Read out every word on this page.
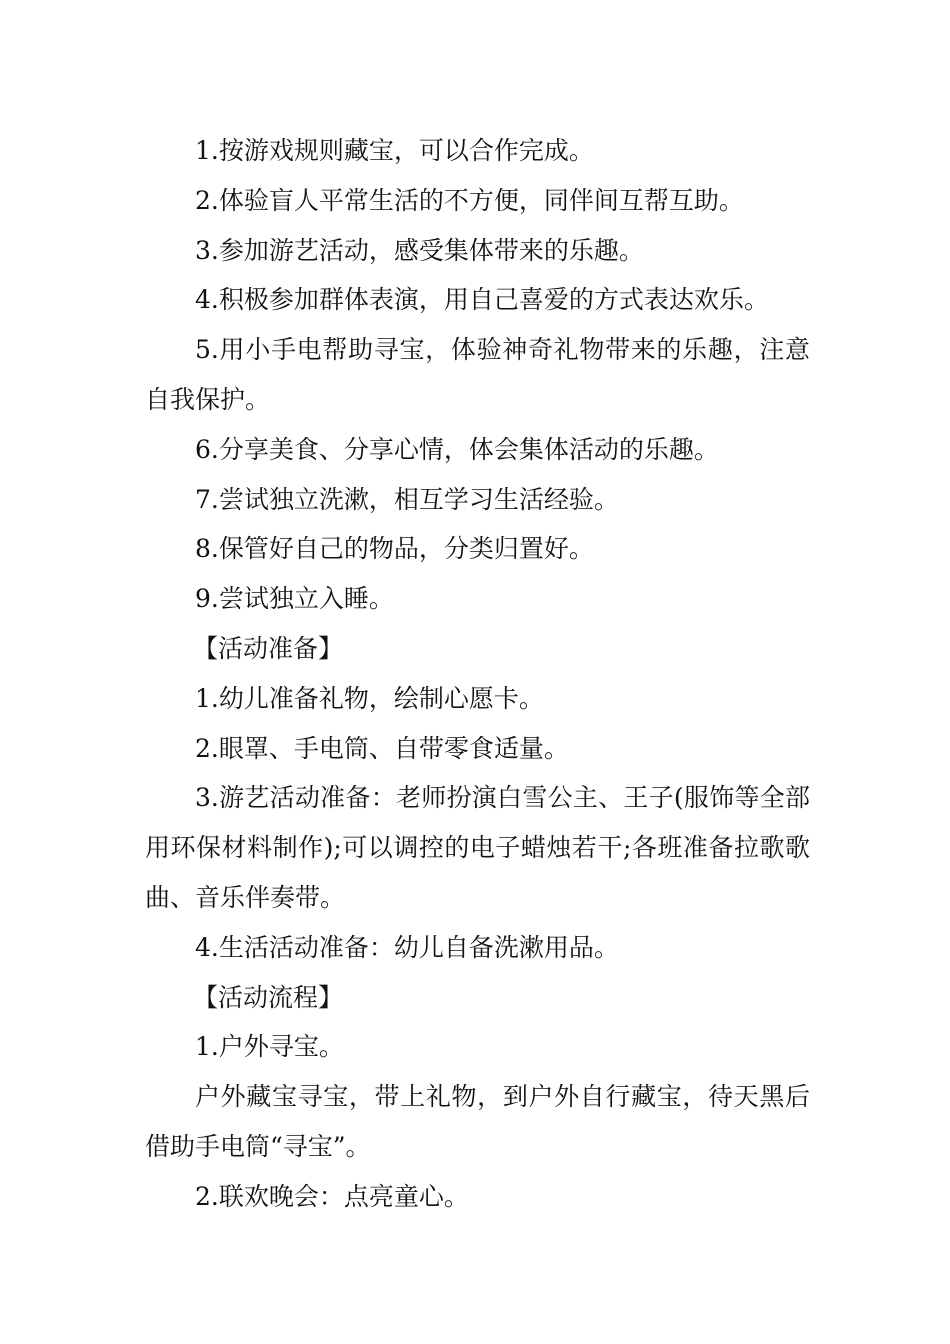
1.按游戏规则藏宝，可以合作完成。

2.体验盲人平常生活的不方便，同伴间互帮互助。

3.参加游艺活动，感受集体带来的乐趣。

4.积极参加群体表演，用自己喜爱的方式表达欢乐。

5.用小手电帮助寻宝，体验神奇礼物带来的乐趣，注意自我保护。

6.分享美食、分享心情，体会集体活动的乐趣。

7.尝试独立洗漱，相互学习生活经验。

8.保管好自己的物品，分类归置好。

9.尝试独立入睡。

【活动准备】

1.幼儿准备礼物，绘制心愿卡。

2.眼罩、手电筒、自带零食适量。

3.游艺活动准备：老师扮演白雪公主、王子(服饰等全部用环保材料制作);可以调控的电子蜡烛若干;各班准备拉歌歌曲、音乐伴奏带。

4.生活活动准备：幼儿自备洗漱用品。

【活动流程】

1.户外寻宝。

户外藏宝寻宝，带上礼物，到户外自行藏宝，待天黑后借助手电筒“寻宝”。

2.联欢晚会：点亮童心。
